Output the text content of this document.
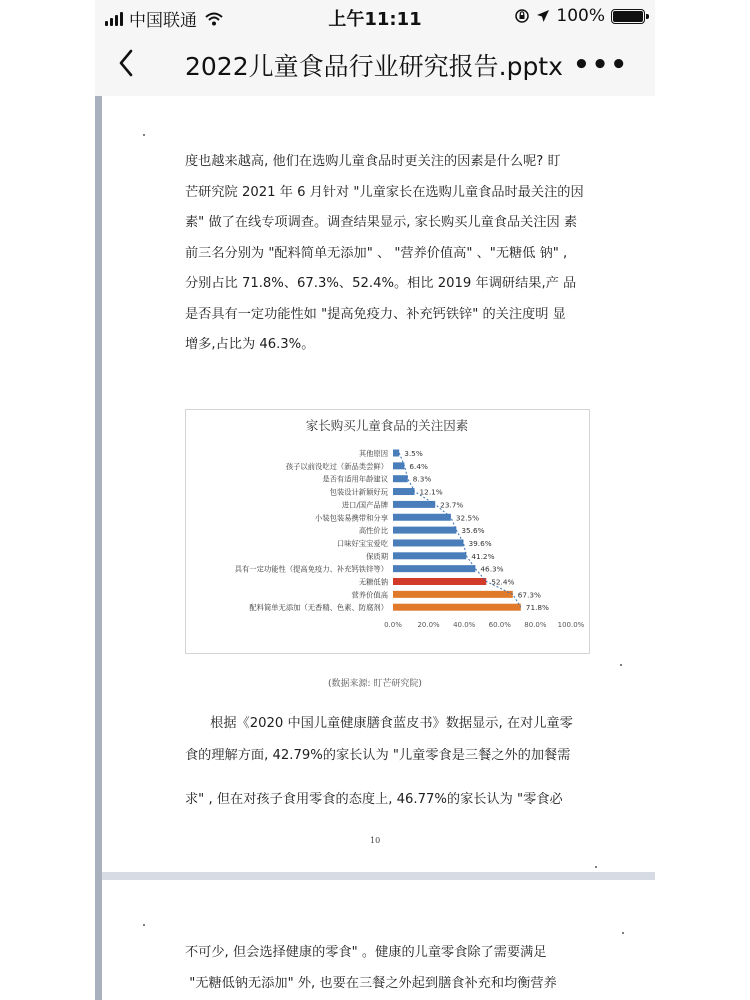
中国联通	上午11:11	100%
2022儿童食品行业研究报告.pptx •••
度也越来越高, 他们在选购儿童食品时更关注的因素是什么呢? 盯
芒研究院 2021 年 6 月针对 "儿童家长在选购儿童食品时最关注的因
素" 做了在线专项调查。调查结果显示, 家长购买儿童食品关注因 素
前三名分别为 "配料简单无添加" 、 "营养价值高" 、"无糖低 钠" ,
分别占比 71.8%、67.3%、52.4%。相比 2019 年调研结果,产 品
是否具有一定功能性如 "提高免疫力、补充钙铁锌" 的关注度明 显
增多,占比为 46.3%。
家长购买儿童食品的关注因素
其他原因 3.5%
孩子以前没吃过（新品类尝鲜）	6.4%
是否有适用年龄建议	8.3%
包装设计新颖好玩	12.1%
进口/国产品牌	23.7%
小装包装易携带和分享	32.5%
高性价比	35.6%
口味好宝宝爱吃	39.6%
保质期	41.2%
具有一定功能性（提高免疫力、补充钙铁锌等）	46.3%
无糖低钠	52.4%
营养价值高	67.3%
配料简单无添加（无香精、色素、防腐剂）	71.8%
0.0% 20.0% 40.0% 60.0% 80.0% 100.0%
(数据来源: 盯芒研究院)
根据《2020 中国儿童健康膳食蓝皮书》数据显示, 在对儿童零
食的理解方面, 42.79%的家长认为 "儿童零食是三餐之外的加餐需
求" , 但在对孩子食用零食的态度上, 46.77%的家长认为 "零食必
10
不可少, 但会选择健康的零食" 。健康的儿童零食除了需要满足
"无糖低钠无添加" 外, 也要在三餐之外起到膳食补充和均衡营养
